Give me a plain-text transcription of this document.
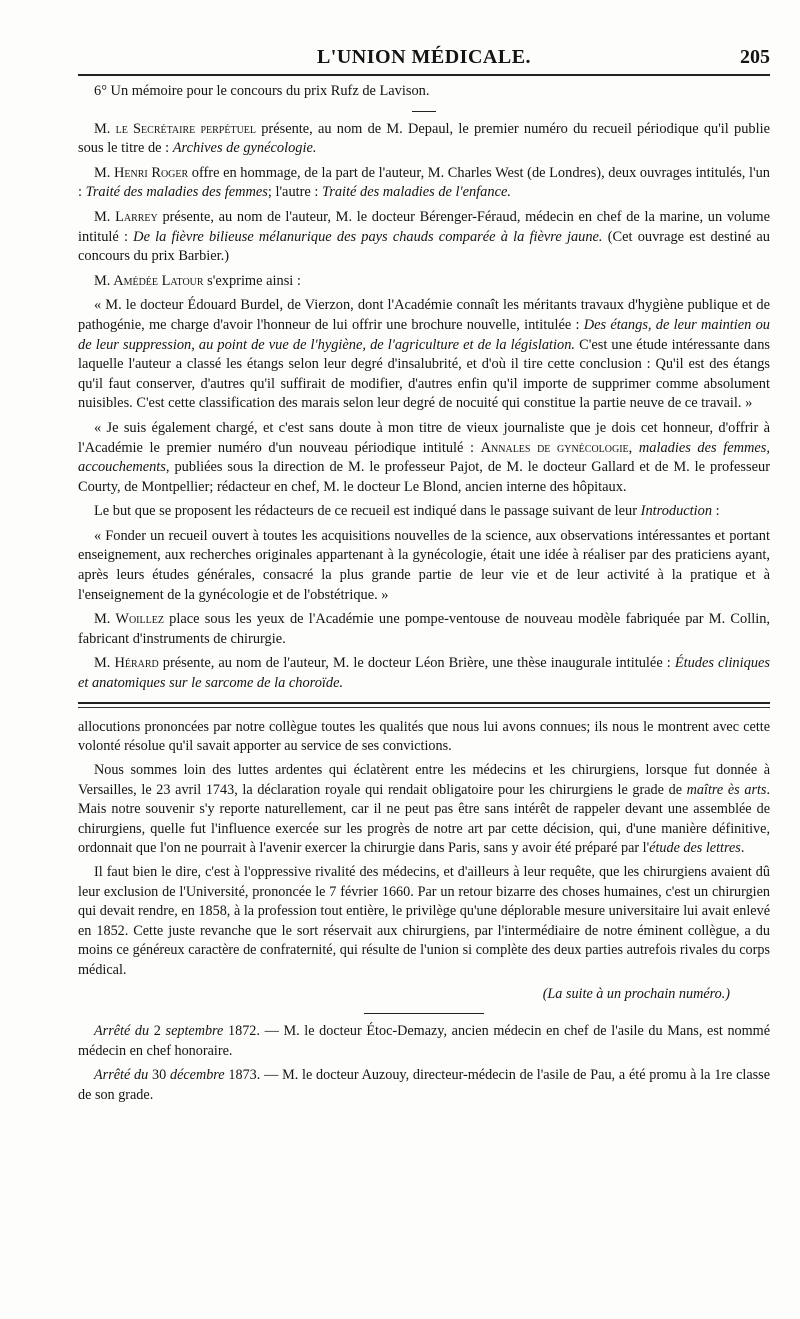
L'UNION MÉDICALE.	205

6° Un mémoire pour le concours du prix Rufz de Lavison.

M. le Secrétaire perpétuel présente, au nom de M. Depaul, le premier numéro du recueil périodique qu'il publie sous le titre de : Archives de gynécologie.

M. Henri Roger offre en hommage, de la part de l'auteur, M. Charles West (de Londres), deux ouvrages intitulés, l'un : Traité des maladies des femmes; l'autre : Traité des maladies de l'enfance.

M. Larrey présente, au nom de l'auteur, M. le docteur Bérenger-Féraud, médecin en chef de la marine, un volume intitulé : De la fièvre bilieuse mélanurique des pays chauds comparée à la fièvre jaune. (Cet ouvrage est destiné au concours du prix Barbier.)

M. Amédée Latour s'exprime ainsi :

« M. le docteur Édouard Burdel, de Vierzon, dont l'Académie connaît les méritants travaux d'hygiène publique et de pathogénie, me charge d'avoir l'honneur de lui offrir une brochure nouvelle, intitulée : Des étangs, de leur maintien ou de leur suppression, au point de vue de l'hygiène, de l'agriculture et de la législation. C'est une étude intéressante dans laquelle l'auteur a classé les étangs selon leur degré d'insalubrité, et d'où il tire cette conclusion : Qu'il est des étangs qu'il faut conserver, d'autres qu'il suffirait de modifier, d'autres enfin qu'il importe de supprimer comme absolument nuisibles. C'est cette classification des marais selon leur degré de nocuité qui constitue la partie neuve de ce travail. »

« Je suis également chargé, et c'est sans doute à mon titre de vieux journaliste que je dois cet honneur, d'offrir à l'Académie le premier numéro d'un nouveau périodique intitulé : Annales de gynécologie, maladies des femmes, accouchements, publiées sous la direction de M. le professeur Pajot, de M. le docteur Gallard et de M. le professeur Courty, de Montpellier; rédacteur en chef, M. le docteur Le Blond, ancien interne des hôpitaux.

Le but que se proposent les rédacteurs de ce recueil est indiqué dans le passage suivant de leur Introduction :

« Fonder un recueil ouvert à toutes les acquisitions nouvelles de la science, aux observations intéressantes et portant enseignement, aux recherches originales appartenant à la gynécologie, était une idée à réaliser par des praticiens ayant, après leurs études générales, consacré la plus grande partie de leur vie et de leur activité à la pratique et à l'enseignement de la gynécologie et de l'obstétrique. »

M. Woillez place sous les yeux de l'Académie une pompe-ventouse de nouveau modèle fabriquée par M. Collin, fabricant d'instruments de chirurgie.

M. Hérard présente, au nom de l'auteur, M. le docteur Léon Brière, une thèse inaugurale intitulée : Études cliniques et anatomiques sur le sarcome de la choroïde.

allocutions prononcées par notre collègue toutes les qualités que nous lui avons connues; ils nous le montrent avec cette volonté résolue qu'il savait apporter au service de ses convictions.

Nous sommes loin des luttes ardentes qui éclatèrent entre les médecins et les chirurgiens, lorsque fut donnée à Versailles, le 23 avril 1743, la déclaration royale qui rendait obligatoire pour les chirurgiens le grade de maître ès arts. Mais notre souvenir s'y reporte naturellement, car il ne peut pas être sans intérêt de rappeler devant une assemblée de chirurgiens, quelle fut l'influence exercée sur les progrès de notre art par cette décision, qui, d'une manière définitive, ordonnait que l'on ne pourrait à l'avenir exercer la chirurgie dans Paris, sans y avoir été préparé par l'étude des lettres.

Il faut bien le dire, c'est à l'oppressive rivalité des médecins, et d'ailleurs à leur requête, que les chirurgiens avaient dû leur exclusion de l'Université, prononcée le 7 février 1660. Par un retour bizarre des choses humaines, c'est un chirurgien qui devait rendre, en 1858, à la profession tout entière, le privilège qu'une déplorable mesure universitaire lui avait enlevé en 1852. Cette juste revanche que le sort réservait aux chirurgiens, par l'intermédiaire de notre éminent collègue, a du moins ce généreux caractère de confraternité, qui résulte de l'union si complète des deux parties autrefois rivales du corps médical.

(La suite à un prochain numéro.)

Arrêté du 2 septembre 1872. — M. le docteur Étoc-Demazy, ancien médecin en chef de l'asile du Mans, est nommé médecin en chef honoraire.

Arrêté du 30 décembre 1873. — M. le docteur Auzouy, directeur-médecin de l'asile de Pau, a été promu à la 1re classe de son grade.
